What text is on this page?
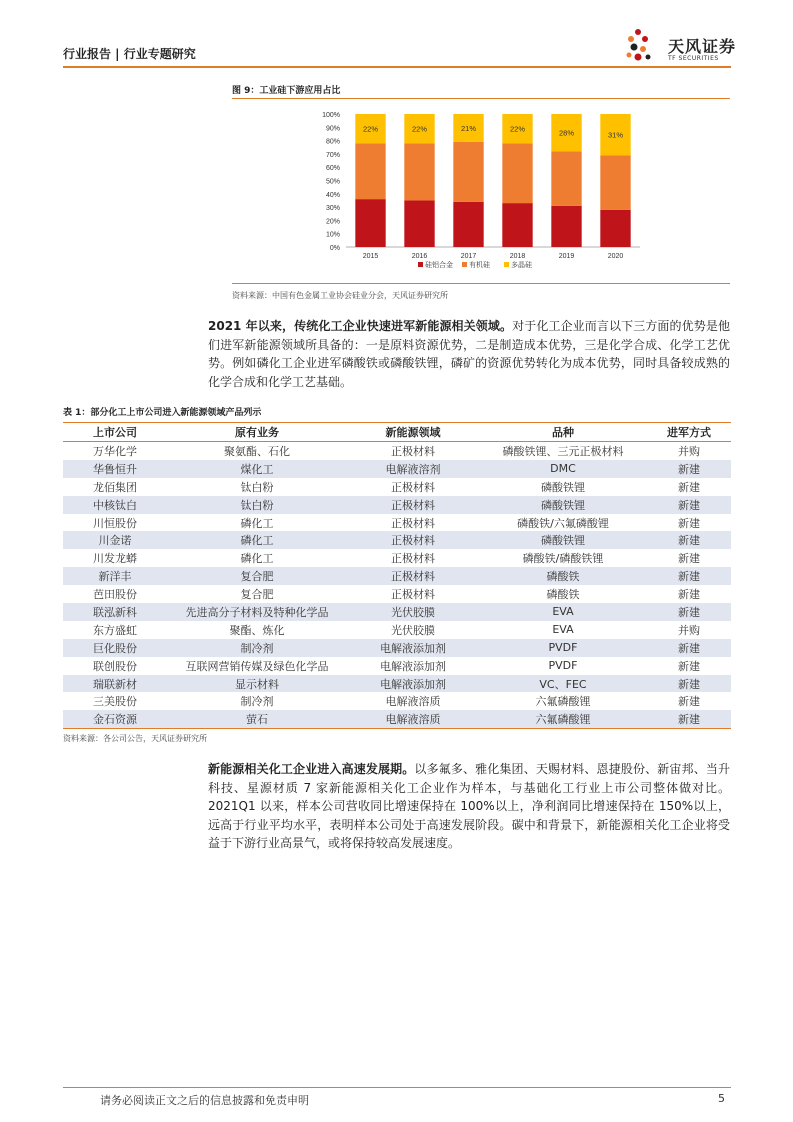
行业报告 | 行业专题研究	天风证券
TF SECURITIES
图 9：工业硅下游应用占比
0%
10%
20%
30%
40%
50%
60%
70%
80%
90%
100%
22%
2015
22%
2016
21%
2017
22%
2018
28%
2019
31%
2020
硅铝合金 有机硅	多晶硅
资料来源：中国有色金属工业协会硅业分会，天风证券研究所
2021 年以来，传统化工企业快速进军新能源相关领域。对于化工企业而言以下三方面的优势是他们进军新能源领域所具备的：一是原料资源优势，二是制造成本优势，三是化学合成、化学工艺优势。例如磷化工企业进军磷酸铁或磷酸铁锂，磷矿的资源优势转化为成本优势，同时具备较成熟的化学合成和化学工艺基础。
表 1：部分化工上市公司进入新能源领域产品列示
上市公司	原有业务	新能源领域	品种	进军方式
万华化学	聚氨酯、石化	正极材料	磷酸铁锂、三元正极材料	并购
华鲁恒升	煤化工	电解液溶剂	DMC	新建
龙佰集团	钛白粉	正极材料	磷酸铁锂	新建
中核钛白	钛白粉	正极材料	磷酸铁锂	新建
川恒股份	磷化工	正极材料	磷酸铁/六氟磷酸锂	新建
川金诺	磷化工	正极材料	磷酸铁锂	新建
川发龙蟒	磷化工	正极材料	磷酸铁/磷酸铁锂	新建
新洋丰	复合肥	正极材料	磷酸铁	新建
芭田股份	复合肥	正极材料	磷酸铁	新建
联泓新科	先进高分子材料及特种化学品	光伏胶膜	EVA	新建
东方盛虹	聚酯、炼化	光伏胶膜	EVA	并购
巨化股份	制冷剂	电解液添加剂	PVDF	新建
联创股份	互联网营销传媒及绿色化学品	电解液添加剂	PVDF	新建
瑞联新材	显示材料	电解液添加剂	VC、FEC	新建
三美股份	制冷剂	电解液溶质	六氟磷酸锂	新建
金石资源	萤石	电解液溶质	六氟磷酸锂	新建
资料来源：各公司公告，天风证券研究所
新能源相关化工企业进入高速发展期。以多氟多、雅化集团、天赐材料、恩捷股份、新宙邦、当升科技、星源材质 7 家新能源相关化工企业作为样本，与基础化工行业上市公司整体做对比。2021Q1 以来，样本公司营收同比增速保持在 100%以上，净利润同比增速保持在 150%以上，远高于行业平均水平，表明样本公司处于高速发展阶段。碳中和背景下，新能源相关化工企业将受益于下游行业高景气，或将保持较高发展速度。
请务必阅读正文之后的信息披露和免责申明	5
